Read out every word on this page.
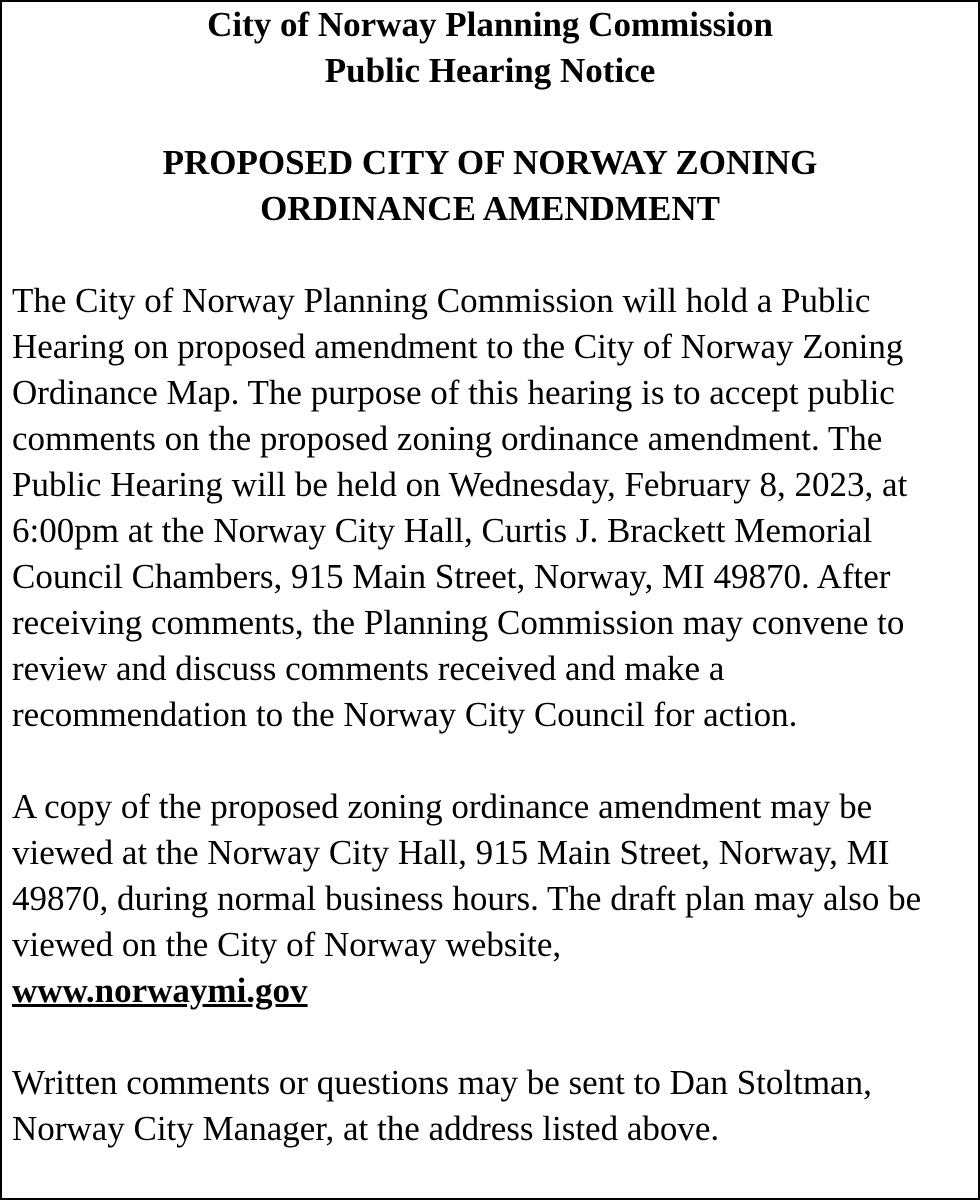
City of Norway Planning Commission
Public Hearing Notice
PROPOSED CITY OF NORWAY ZONING
ORDINANCE AMENDMENT

The City of Norway Planning Commission will hold a Public Hearing on proposed amendment to the City of Norway Zoning Ordinance Map. The purpose of this hearing is to accept public comments on the proposed zoning ordinance amendment. The Public Hearing will be held on Wednesday, February 8, 2023, at 6:00pm at the Norway City Hall, Curtis J. Brackett Memorial Council Chambers, 915 Main Street, Norway, MI 49870. After receiving comments, the Planning Commission may convene to review and discuss comments received and make a recommendation to the Norway City Council for action.

A copy of the proposed zoning ordinance amendment may be viewed at the Norway City Hall, 915 Main Street, Norway, MI 49870, during normal business hours. The draft plan may also be viewed on the City of Norway website,
www.norwaymi.gov

Written comments or questions may be sent to Dan Stoltman, Norway City Manager, at the address listed above.
